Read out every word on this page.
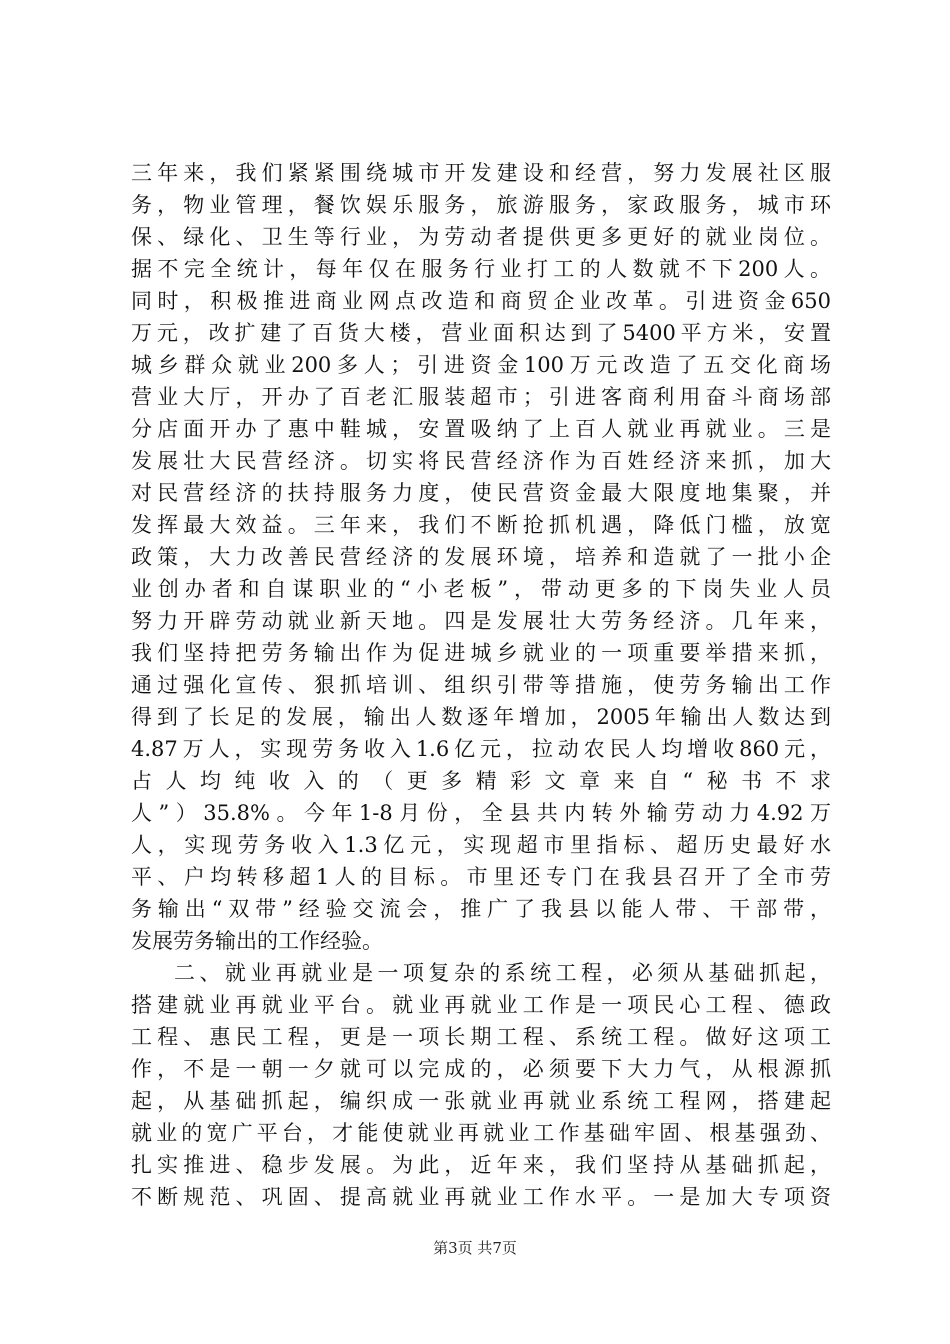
三年来，我们紧紧围绕城市开发建设和经营，努力发展社区服
务，物业管理，餐饮娱乐服务，旅游服务，家政服务，城市环
保、绿化、卫生等行业，为劳动者提供更多更好的就业岗位。
据不完全统计，每年仅在服务行业打工的人数就不下200人。
同时，积极推进商业网点改造和商贸企业改革。引进资金650
万元，改扩建了百货大楼，营业面积达到了5400平方米，安置
城乡群众就业200多人；引进资金100万元改造了五交化商场
营业大厅，开办了百老汇服装超市；引进客商利用奋斗商场部
分店面开办了惠中鞋城，安置吸纳了上百人就业再就业。三是
发展壮大民营经济。切实将民营经济作为百姓经济来抓，加大
对民营经济的扶持服务力度，使民营资金最大限度地集聚，并
发挥最大效益。三年来，我们不断抢抓机遇，降低门槛，放宽
政策，大力改善民营经济的发展环境，培养和造就了一批小企
业创办者和自谋职业的“小老板”，带动更多的下岗失业人员
努力开辟劳动就业新天地。四是发展壮大劳务经济。几年来，
我们坚持把劳务输出作为促进城乡就业的一项重要举措来抓，
通过强化宣传、狠抓培训、组织引带等措施，使劳务输出工作
得到了长足的发展，输出人数逐年增加，2005年输出人数达到
4.87万人，实现劳务收入1.6亿元，拉动农民人均增收860元，
占人均纯收入的（更多精彩文章来自“秘书不求
人”）35.8%。今年1-8月份，全县共内转外输劳动力4.92万
人，实现劳务收入1.3亿元，实现超市里指标、超历史最好水
平、户均转移超1人的目标。市里还专门在我县召开了全市劳
务输出“双带”经验交流会，推广了我县以能人带、干部带，
发展劳务输出的工作经验。
二、就业再就业是一项复杂的系统工程，必须从基础抓起，
搭建就业再就业平台。就业再就业工作是一项民心工程、德政
工程、惠民工程，更是一项长期工程、系统工程。做好这项工
作，不是一朝一夕就可以完成的，必须要下大力气，从根源抓
起，从基础抓起，编织成一张就业再就业系统工程网，搭建起
就业的宽广平台，才能使就业再就业工作基础牢固、根基强劲、
扎实推进、稳步发展。为此，近年来，我们坚持从基础抓起，
不断规范、巩固、提高就业再就业工作水平。一是加大专项资
第3页 共7页
